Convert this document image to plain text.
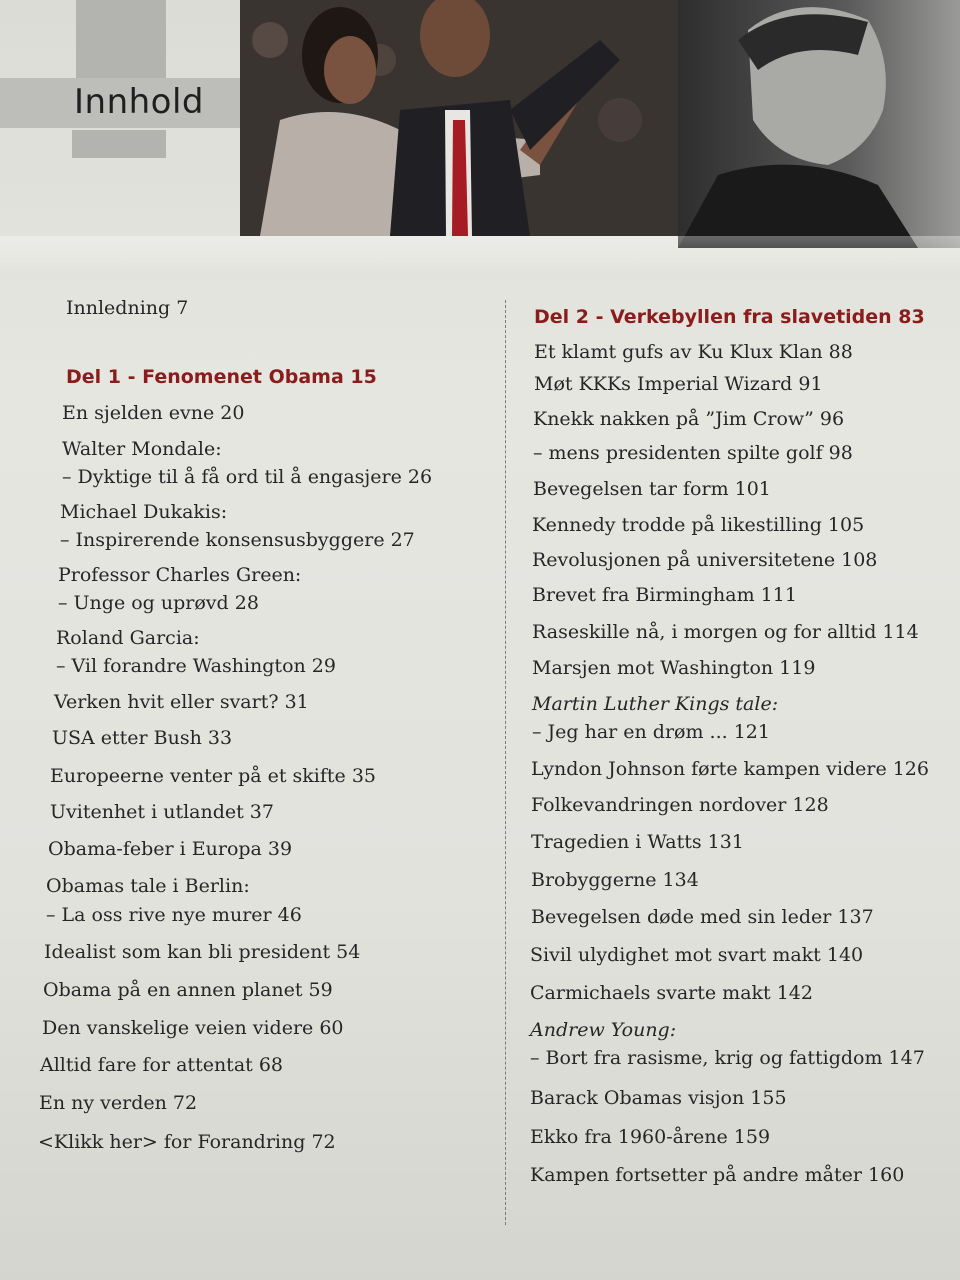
Innhold
Innledning 7
Del 1 - Fenomenet Obama 15
En sjelden evne 20
Walter Mondale:
– Dyktige til å få ord til å engasjere 26
Michael Dukakis:
– Inspirerende konsensusbyggere 27
Professor Charles Green:
– Unge og uprøvd 28
Roland Garcia:
– Vil forandre Washington 29
Verken hvit eller svart? 31
USA etter Bush 33
Europeerne venter på et skifte 35
Uvitenhet i utlandet 37
Obama-feber i Europa 39
Obamas tale i Berlin:
– La oss rive nye murer 46
Idealist som kan bli president 54
Obama på en annen planet 59
Den vanskelige veien videre 60
Alltid fare for attentat 68
En ny verden 72
<Klikk her> for Forandring 72
Del 2 - Verkebyllen fra slavetiden 83
Et klamt gufs av Ku Klux Klan 88
Møt KKKs Imperial Wizard 91
Knekk nakken på ”Jim Crow” 96
– mens presidenten spilte golf 98
Bevegelsen tar form 101
Kennedy trodde på likestilling 105
Revolusjonen på universitetene 108
Brevet fra Birmingham 111
Raseskille nå, i morgen og for alltid 114
Marsjen mot Washington 119
Martin Luther Kings tale:
– Jeg har en drøm ... 121
Lyndon Johnson førte kampen videre 126
Folkevandringen nordover 128
Tragedien i Watts 131
Brobyggerne 134
Bevegelsen døde med sin leder 137
Sivil ulydighet mot svart makt 140
Carmichaels svarte makt 142
Andrew Young:
– Bort fra rasisme, krig og fattigdom 147
Barack Obamas visjon 155
Ekko fra 1960-årene 159
Kampen fortsetter på andre måter 160
